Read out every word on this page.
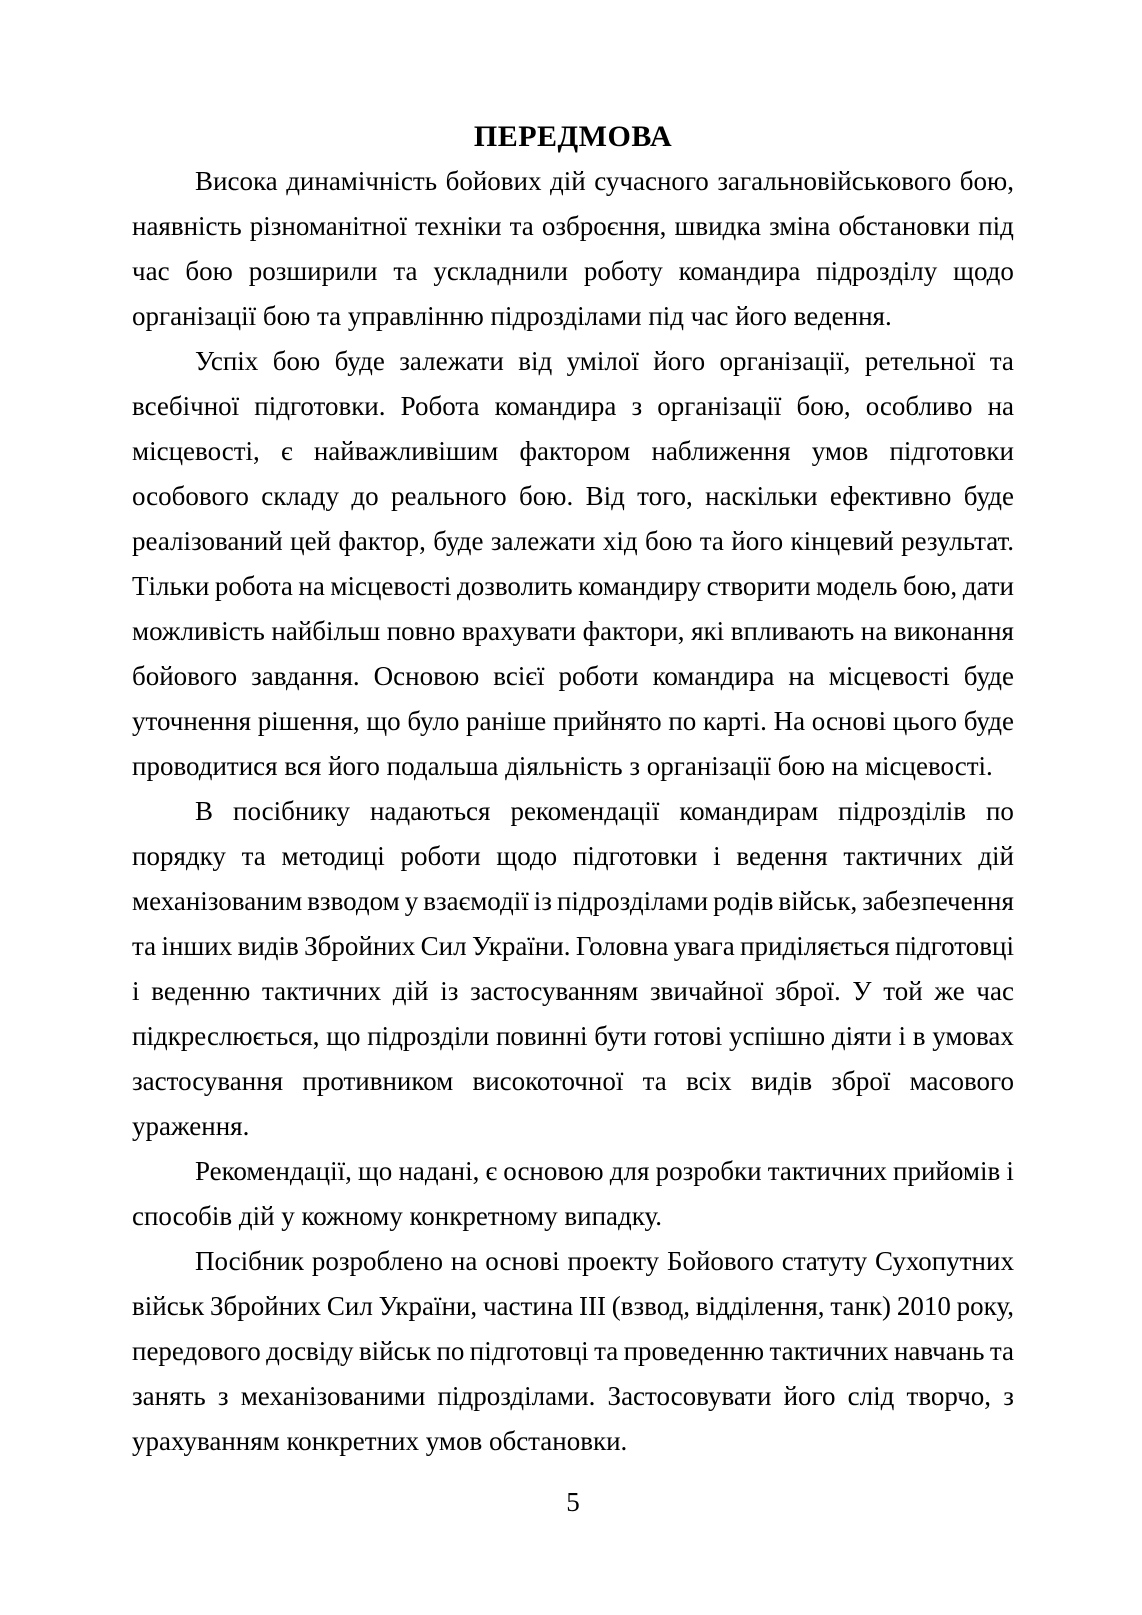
ПЕРЕДМОВА
Висока динамічність бойових дій сучасного загальновійськового бою,
наявність різноманітної техніки та озброєння, швидка зміна обстановки під
час бою розширили та ускладнили роботу командира підрозділу щодо
організації бою та управлінню підрозділами під час його ведення.
Успіх бою буде залежати від умілої його організації, ретельної та
всебічної підготовки. Робота командира з організації бою, особливо на
місцевості, є найважливішим фактором наближення умов підготовки
особового складу до реального бою. Від того, наскільки ефективно буде
реалізований цей фактор, буде залежати хід бою та його кінцевий результат.
Тільки робота на місцевості дозволить командиру створити модель бою, дати
можливість найбільш повно врахувати фактори, які впливають на виконання
бойового завдання. Основою всієї роботи командира на місцевості буде
уточнення рішення, що було раніше прийнято по карті. На основі цього буде
проводитися вся його подальша діяльність з організації бою на місцевості.
В посібнику надаються рекомендації командирам підрозділів по
порядку та методиці роботи щодо підготовки і ведення тактичних дій
механізованим взводом у взаємодії із підрозділами родів військ, забезпечення
та інших видів Збройних Сил України. Головна увага приділяється підготовці
і веденню тактичних дій із застосуванням звичайної зброї. У той же час
підкреслюється, що підрозділи повинні бути готові успішно діяти і в умовах
застосування противником високоточної та всіх видів зброї масового
ураження.
Рекомендації, що надані, є основою для розробки тактичних прийомів і
способів дій у кожному конкретному випадку.
Посібник розроблено на основі проекту Бойового статуту Сухопутних
військ Збройних Сил України, частина ІІІ (взвод, відділення, танк) 2010 року,
передового досвіду військ по підготовці та проведенню тактичних навчань та
занять з механізованими підрозділами. Застосовувати його слід творчо, з
урахуванням конкретних умов обстановки.
5
